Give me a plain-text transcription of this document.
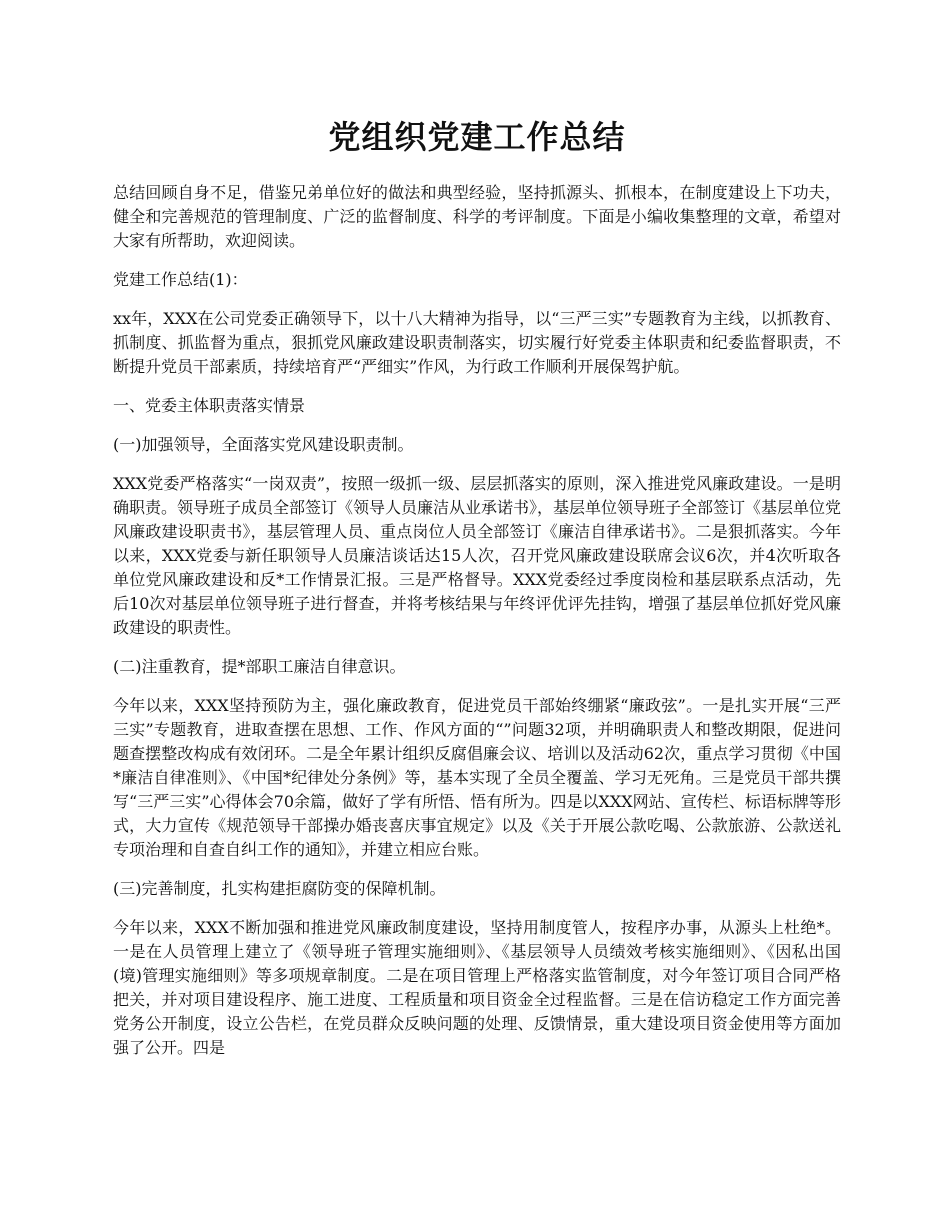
党组织党建工作总结

总结回顾自身不足，借鉴兄弟单位好的做法和典型经验，坚持抓源头、抓根本，在制度建设上下功夫，健全和完善规范的管理制度、广泛的监督制度、科学的考评制度。下面是小编收集整理的文章，希望对大家有所帮助，欢迎阅读。

党建工作总结(1)：

xx年，XXX在公司党委正确领导下，以十八大精神为指导，以“三严三实”专题教育为主线，以抓教育、抓制度、抓监督为重点，狠抓党风廉政建设职责制落实，切实履行好党委主体职责和纪委监督职责，不断提升党员干部素质，持续培育严“严细实”作风，为行政工作顺利开展保驾护航。

一、党委主体职责落实情景

(一)加强领导，全面落实党风建设职责制。

XXX党委严格落实“一岗双责”，按照一级抓一级、层层抓落实的原则，深入推进党风廉政建设。一是明确职责。领导班子成员全部签订《领导人员廉洁从业承诺书》，基层单位领导班子全部签订《基层单位党风廉政建设职责书》，基层管理人员、重点岗位人员全部签订《廉洁自律承诺书》。二是狠抓落实。今年以来，XXX党委与新任职领导人员廉洁谈话达15人次，召开党风廉政建设联席会议6次，并4次听取各单位党风廉政建设和反*工作情景汇报。三是严格督导。XXX党委经过季度岗检和基层联系点活动，先后10次对基层单位领导班子进行督查，并将考核结果与年终评优评先挂钩，增强了基层单位抓好党风廉政建设的职责性。

(二)注重教育，提*部职工廉洁自律意识。

今年以来，XXX坚持预防为主，强化廉政教育，促进党员干部始终绷紧“廉政弦”。一是扎实开展“三严三实”专题教育，进取查摆在思想、工作、作风方面的“”问题32项，并明确职责人和整改期限，促进问题查摆整改构成有效闭环。二是全年累计组织反腐倡廉会议、培训以及活动62次，重点学习贯彻《中国*廉洁自律准则》、《中国*纪律处分条例》等，基本实现了全员全覆盖、学习无死角。三是党员干部共撰写“三严三实”心得体会70余篇，做好了学有所悟、悟有所为。四是以XXX网站、宣传栏、标语标牌等形式，大力宣传《规范领导干部操办婚丧喜庆事宜规定》以及《关于开展公款吃喝、公款旅游、公款送礼专项治理和自查自纠工作的通知》，并建立相应台账。

(三)完善制度，扎实构建拒腐防变的保障机制。

今年以来，XXX不断加强和推进党风廉政制度建设，坚持用制度管人，按程序办事，从源头上杜绝*。一是在人员管理上建立了《领导班子管理实施细则》、《基层领导人员绩效考核实施细则》、《因私出国(境)管理实施细则》等多项规章制度。二是在项目管理上严格落实监管制度，对今年签订项目合同严格把关，并对项目建设程序、施工进度、工程质量和项目资金全过程监督。三是在信访稳定工作方面完善党务公开制度，设立公告栏，在党员群众反映问题的处理、反馈情景，重大建设项目资金使用等方面加强了公开。四是
